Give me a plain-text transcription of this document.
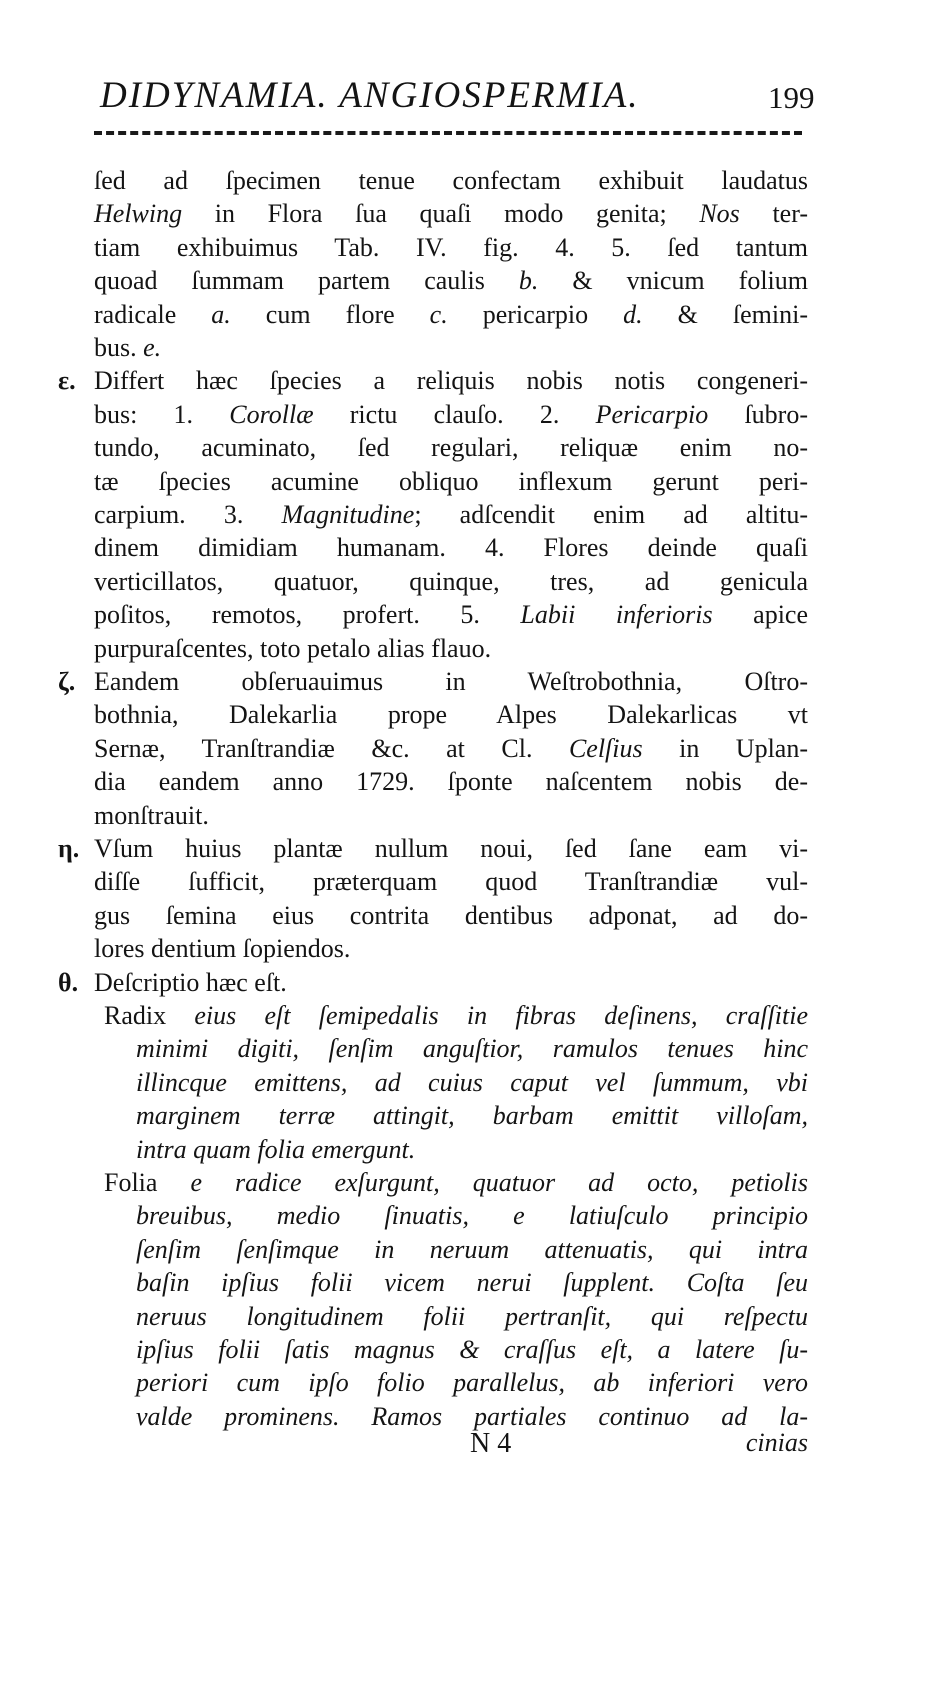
DIDYNAMIA. ANGIOSPERMIA.	199
ſed ad ſpecimen tenue confectam exhibuit laudatus
Helwing in Flora ſua quaſi modo genita; Nos ter-
tiam exhibuimus Tab. IV. fig. 4. 5. ſed tantum
quoad ſummam partem caulis b. & vnicum folium
radicale a. cum flore c. pericarpio d. & ſemini-
bus. e.
ε. Differt hæc ſpecies a reliquis nobis notis congeneri-
bus: 1. Corollæ rictu clauſo. 2. Pericarpio ſubro-
tundo, acuminato, ſed regulari, reliquæ enim no-
tæ ſpecies acumine obliquo inflexum gerunt peri-
carpium. 3. Magnitudine; adſcendit enim ad altitu-
dinem dimidiam humanam. 4. Flores deinde quaſi
verticillatos, quatuor, quinque, tres, ad genicula
poſitos, remotos, profert. 5. Labii inferioris apice
purpuraſcentes, toto petalo alias flauo.
ζ. Eandem obſeruauimus in Weſtrobothnia, Oſtro-
bothnia, Dalekarlia prope Alpes Dalekarlicas vt
Sernæ, Tranſtrandiæ &c. at Cl. Celſius in Uplan-
dia eandem anno 1729. ſponte naſcentem nobis de-
monſtrauit.
η. Vſum huius plantæ nullum noui, ſed ſane eam vi-
diſſe ſufficit, præterquam quod Tranſtrandiæ vul-
gus ſemina eius contrita dentibus adponat, ad do-
lores dentium ſopiendos.
θ. Deſcriptio hæc eſt.
Radix eius eſt ſemipedalis in fibras deſinens, craſſitie
minimi digiti, ſenſim anguſtior, ramulos tenues hinc
illincque emittens, ad cuius caput vel ſummum, vbi
marginem terræ attingit, barbam emittit villoſam,
intra quam folia emergunt.
Folia e radice exſurgunt, quatuor ad octo, petiolis
breuibus, medio ſinuatis, e latiuſculo principio
ſenſim ſenſimque in neruum attenuatis, qui intra
baſin ipſius folii vicem nerui ſupplent. Coſta ſeu
neruus longitudinem folii pertranſit, qui reſpectu
ipſius folii ſatis magnus & craſſus eſt, a latere ſu-
periori cum ipſo folio parallelus, ab inferiori vero
valde prominens. Ramos partiales continuo ad la-
N 4	cinias
